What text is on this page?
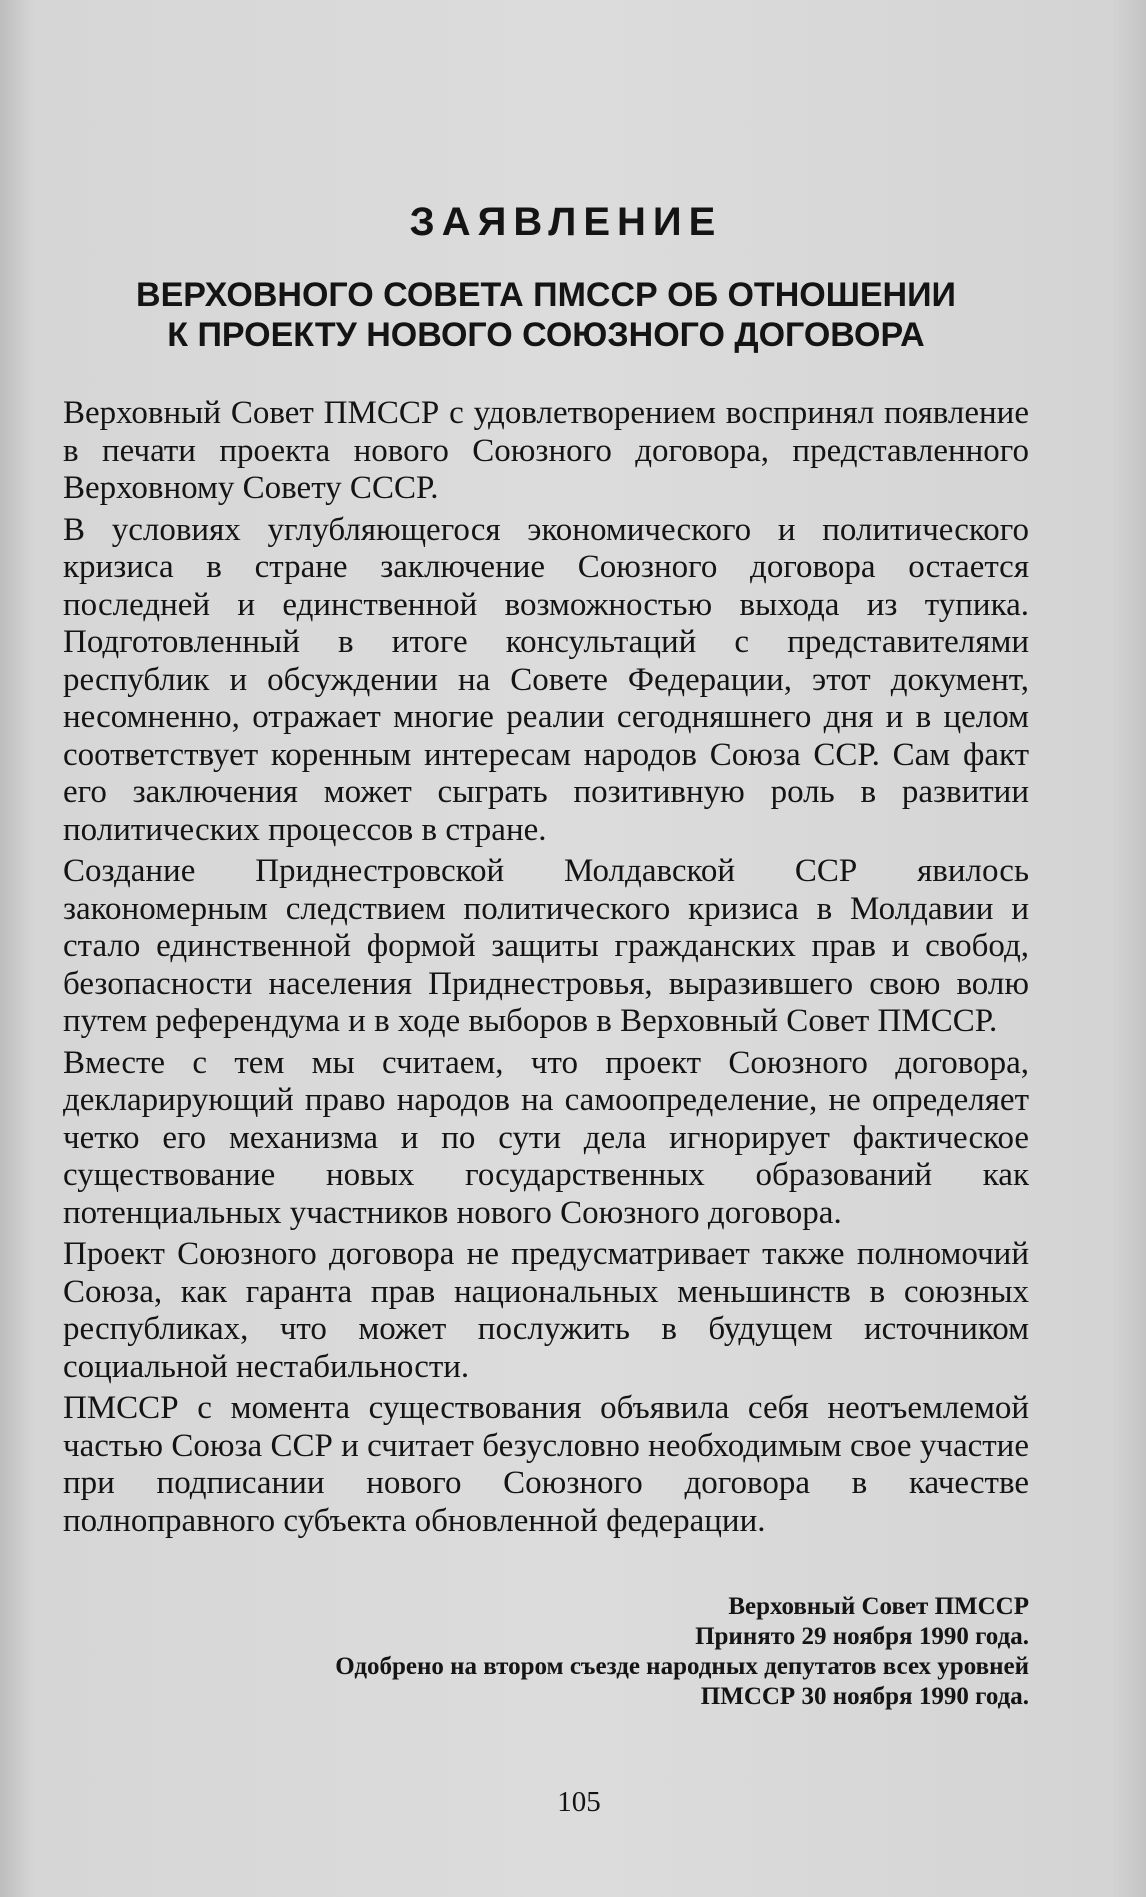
ЗАЯВЛЕНИЕ
ВЕРХОВНОГО СОВЕТА ПМССР ОБ ОТНОШЕНИИ
К ПРОЕКТУ НОВОГО СОЮЗНОГО ДОГОВОРА

Верховный Совет ПМССР с удовлетворением воспринял появление в печати проекта нового Союзного договора, представленного Верховному Совету СССР.

В условиях углубляющегося экономического и политического кризиса в стране заключение Союзного договора остается последней и единственной возможностью выхода из тупика. Подготовленный в итоге консультаций с представителями республик и обсуждении на Совете Федерации, этот документ, несомненно, отражает многие реалии сегодняшнего дня и в целом соответствует коренным интересам народов Союза ССР. Сам факт его заключения может сыграть позитивную роль в развитии политических процессов в стране.

Создание Приднестровской Молдавской ССР явилось закономерным следствием политического кризиса в Молдавии и стало единственной формой защиты гражданских прав и свобод, безопасности населения Приднестровья, выразившего свою волю путем референдума и в ходе выборов в Верховный Совет ПМССР.

Вместе с тем мы считаем, что проект Союзного договора, декларирующий право народов на самоопределение, не определяет четко его механизма и по сути дела игнорирует фактическое существование новых государственных образований как потенциальных участников нового Союзного договора.

Проект Союзного договора не предусматривает также полномочий Союза, как гаранта прав национальных меньшинств в союзных республиках, что может послужить в будущем источником социальной нестабильности.

ПМССР с момента существования объявила себя неотъемлемой частью Союза ССР и считает безусловно необходимым свое участие при подписании нового Союзного договора в качестве полноправного субъекта обновленной федерации.

Верховный Совет ПМССР
Принято 29 ноября 1990 года.
Одобрено на втором съезде народных депутатов всех уровней
ПМССР 30 ноября 1990 года.
105
